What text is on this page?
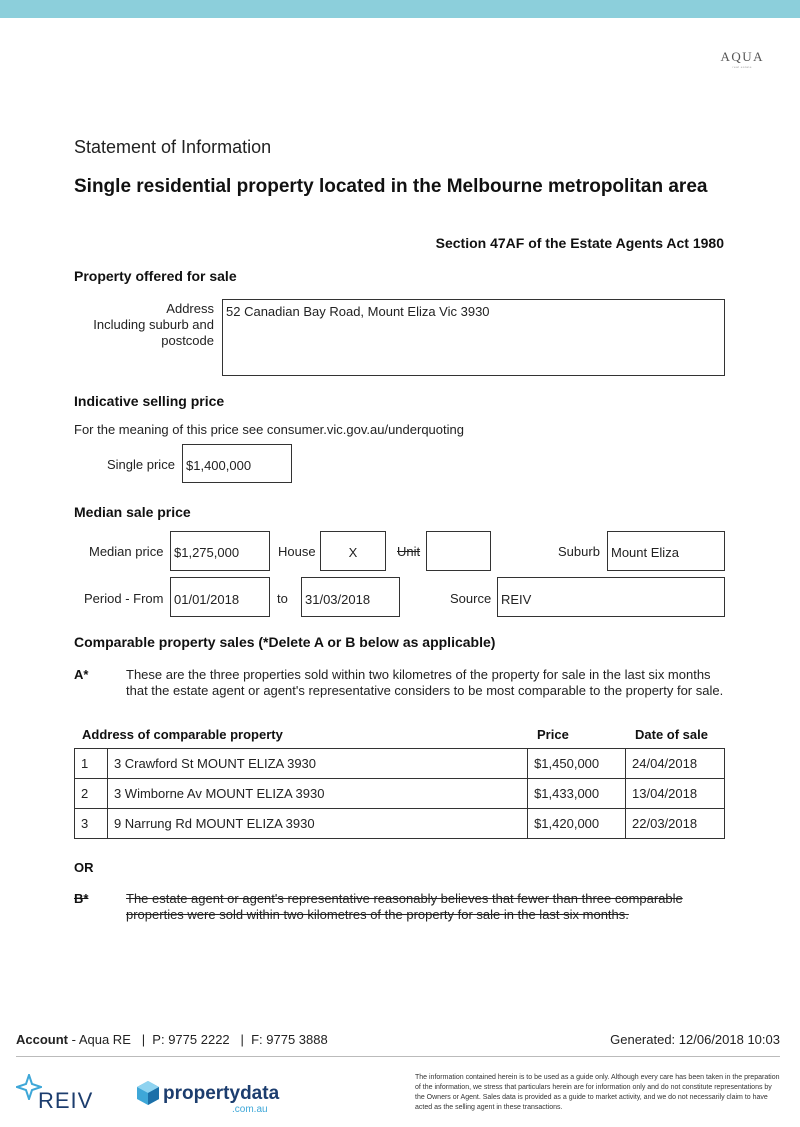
AQUA
real estate
Statement of Information
Single residential property located in the Melbourne metropolitan area
Section 47AF of the Estate Agents Act 1980
Property offered for sale
Address
Including suburb and
postcode
52 Canadian Bay Road, Mount Eliza Vic 3930
Indicative selling price
For the meaning of this price see consumer.vic.gov.au/underquoting
Single price $1,400,000
Median sale price
Median price $1,275,000	House	X	Unit	Suburb Mount Eliza
Period - From 01/01/2018	to	31/03/2018	Source REIV
Comparable property sales (*Delete A or B below as applicable)
A*	These are the three properties sold within two kilometres of the property for sale in the last six months that the estate agent or agent's representative considers to be most comparable to the property for sale.
Address of comparable property	Price	Date of sale
1	3 Crawford St MOUNT ELIZA 3930	$1,450,000	24/04/2018
2	3 Wimborne Av MOUNT ELIZA 3930	$1,433,000	13/04/2018
3	9 Narrung Rd MOUNT ELIZA 3930	$1,420,000	22/03/2018
OR
B*	The estate agent or agent's representative reasonably believes that fewer than three comparable properties were sold within two kilometres of the property for sale in the last six months.
Account - Aqua RE   |  P: 9775 2222   |  F: 9775 3888	Generated: 12/06/2018 10:03
REIV	propertydata
.com.au
The information contained herein is to be used as a guide only. Although every care has been taken in the preparation of the information, we stress that particulars herein are for information only and do not constitute representations by the Owners or Agent. Sales data is provided as a guide to market activity, and we do not necessarily claim to have acted as the selling agent in these transactions.
